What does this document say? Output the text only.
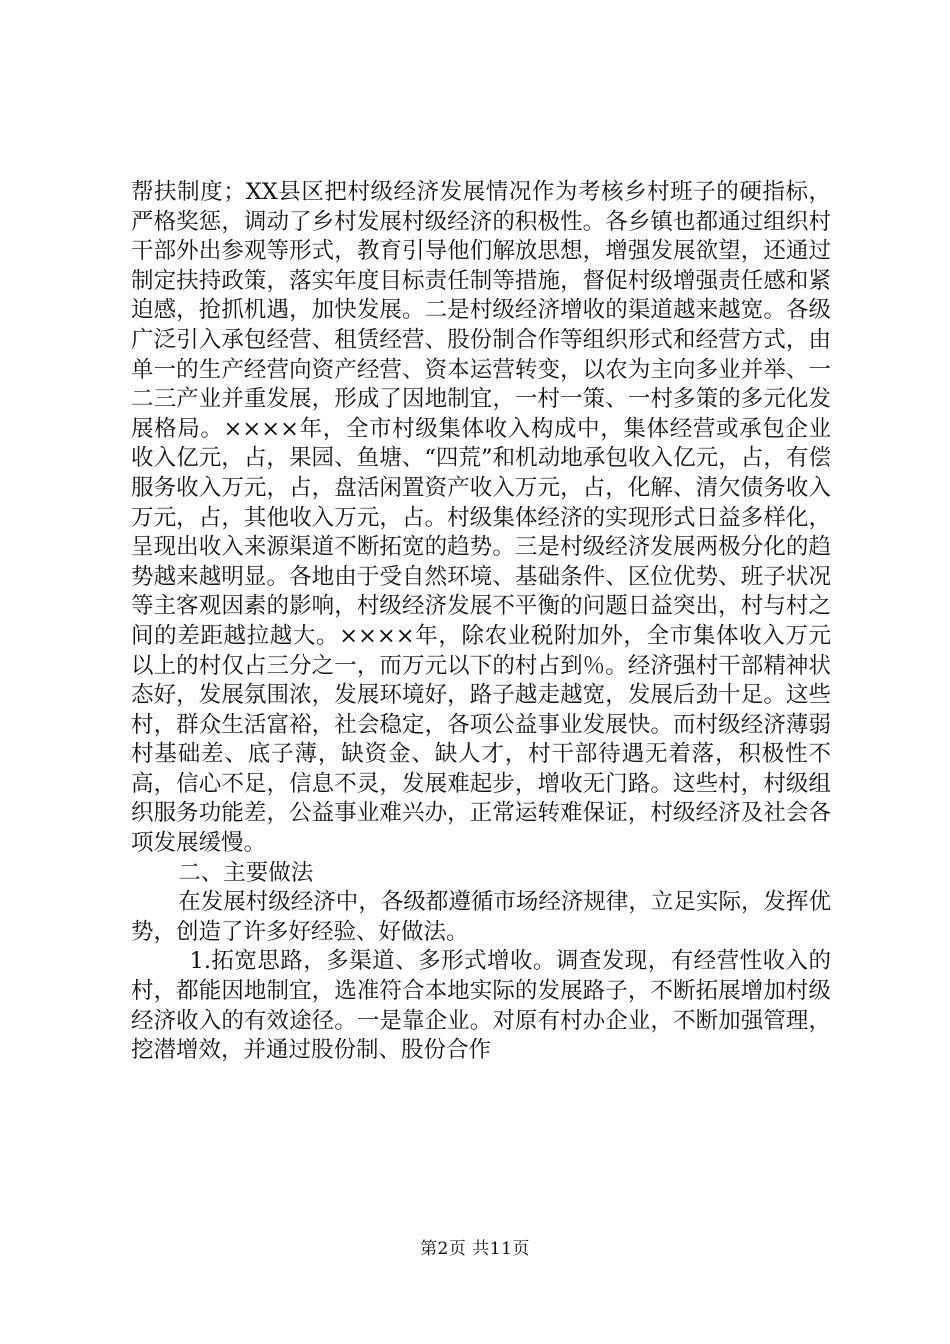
帮扶制度；XX县区把村级经济发展情况作为考核乡村班子的硬指标，严格奖惩，调动了乡村发展村级经济的积极性。各乡镇也都通过组织村干部外出参观等形式，教育引导他们解放思想，增强发展欲望，还通过制定扶持政策，落实年度目标责任制等措施，督促村级增强责任感和紧迫感，抢抓机遇，加快发展。二是村级经济增收的渠道越来越宽。各级广泛引入承包经营、租赁经营、股份制合作等组织形式和经营方式，由单一的生产经营向资产经营、资本运营转变，以农为主向多业并举、一二三产业并重发展，形成了因地制宜，一村一策、一村多策的多元化发展格局。××××年，全市村级集体收入构成中，集体经营或承包企业收入亿元，占，果园、鱼塘、“四荒”和机动地承包收入亿元，占，有偿服务收入万元，占，盘活闲置资产收入万元，占，化解、清欠债务收入万元，占，其他收入万元，占。村级集体经济的实现形式日益多样化，呈现出收入来源渠道不断拓宽的趋势。三是村级经济发展两极分化的趋势越来越明显。各地由于受自然环境、基础条件、区位优势、班子状况等主客观因素的影响，村级经济发展不平衡的问题日益突出，村与村之间的差距越拉越大。××××年，除农业税附加外，全市集体收入万元以上的村仅占三分之一，而万元以下的村占到％。经济强村干部精神状态好，发展氛围浓，发展环境好，路子越走越宽，发展后劲十足。这些村，群众生活富裕，社会稳定，各项公益事业发展快。而村级经济薄弱村基础差、底子薄，缺资金、缺人才，村干部待遇无着落，积极性不高，信心不足，信息不灵，发展难起步，增收无门路。这些村，村级组织服务功能差，公益事业难兴办，正常运转难保证，村级经济及社会各项发展缓慢。

二、主要做法

在发展村级经济中，各级都遵循市场经济规律，立足实际，发挥优势，创造了许多好经验、好做法。

1.拓宽思路，多渠道、多形式增收。调查发现，有经营性收入的村，都能因地制宜，选准符合本地实际的发展路子，不断拓展增加村级经济收入的有效途径。一是靠企业。对原有村办企业，不断加强管理，挖潜增效，并通过股份制、股份合作

第2页 共11页
